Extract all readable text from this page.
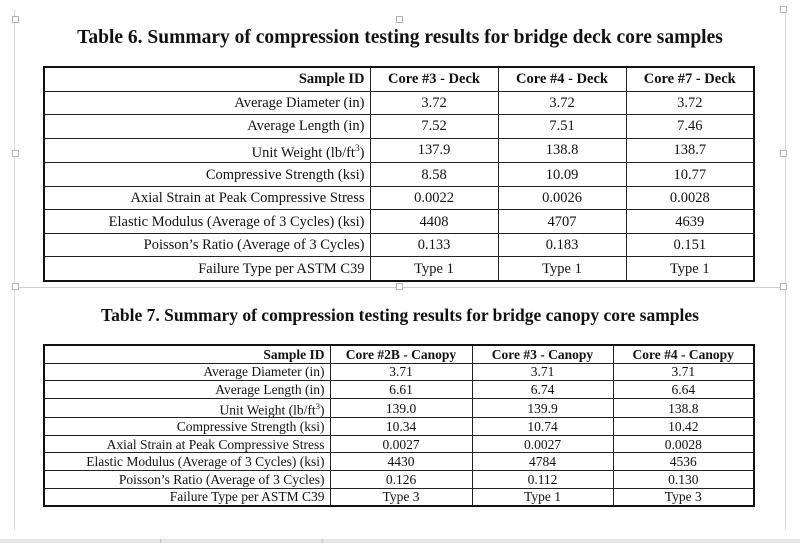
Table 6. Summary of compression testing results for bridge deck core samples
Sample ID	Core #3 - Deck	Core #4 - Deck	Core #7 - Deck
Average Diameter (in)	3.72	3.72	3.72
Average Length (in)	7.52	7.51	7.46
Unit Weight $(lb/ft^3)$	137.9	138.8	138.7
Compressive Strength (ksi)	8.58	10.09	10.77
Axial Strain at Peak Compressive Stress	0.0022	0.0026	0.0028
Elastic Modulus (Average of 3 Cycles) (ksi)	4408	4707	4639
Poisson’s Ratio (Average of 3 Cycles)	0.133	0.183	0.151
Failure Type per ASTM C39	Type 1	Type 1	Type 1
Table 7. Summary of compression testing results for bridge canopy core samples
Sample ID	Core #2B - Canopy	Core #3 - Canopy	Core #4 - Canopy
Average Diameter (in)	3.71	3.71	3.71
Average Length (in)	6.61	6.74	6.64
Unit Weight $(lb/ft^3)$	139.0	139.9	138.8
Compressive Strength (ksi)	10.34	10.74	10.42
Axial Strain at Peak Compressive Stress	0.0027	0.0027	0.0028
Elastic Modulus (Average of 3 Cycles) (ksi)	4430	4784	4536
Poisson’s Ratio (Average of 3 Cycles)	0.126	0.112	0.130
Failure Type per ASTM C39	Type 3	Type 1	Type 3
